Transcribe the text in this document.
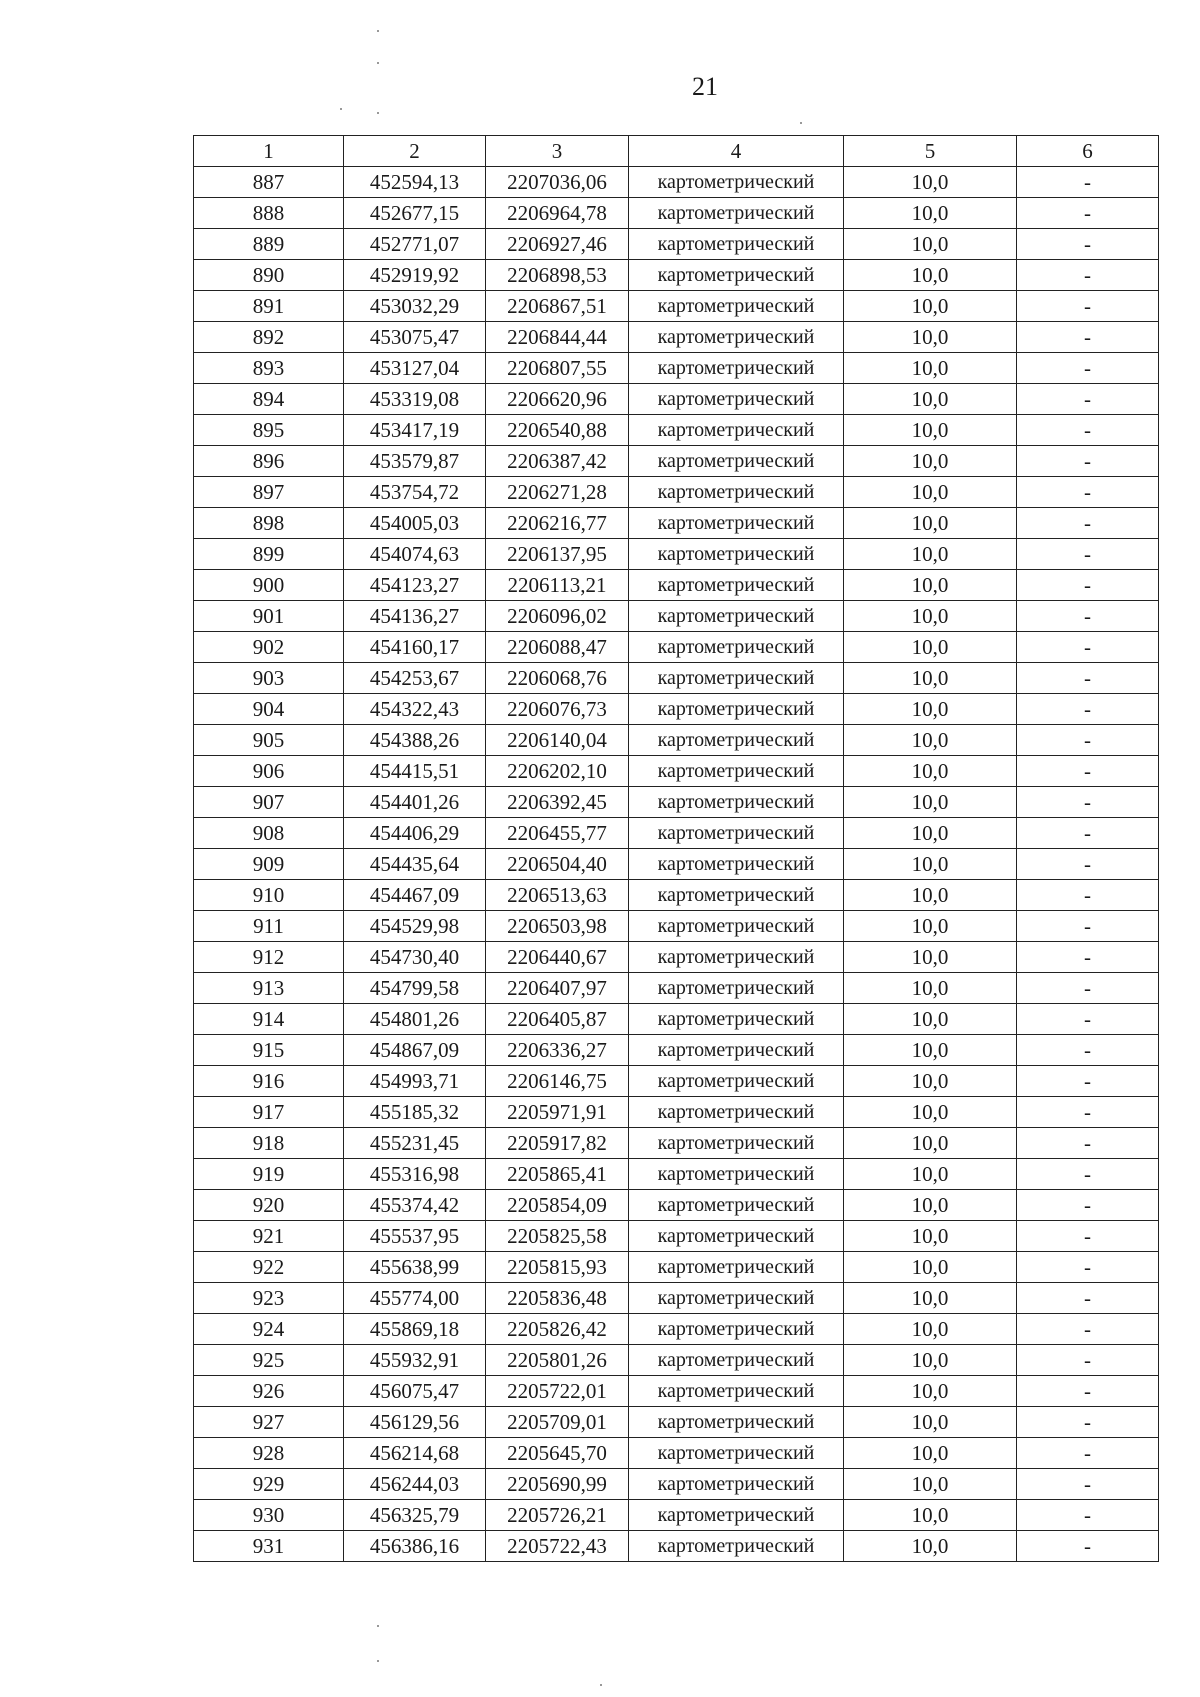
21
1	2	3	4	5	6
887	452594,13	2207036,06	картометрический	10,0	-
888	452677,15	2206964,78	картометрический	10,0	-
889	452771,07	2206927,46	картометрический	10,0	-
890	452919,92	2206898,53	картометрический	10,0	-
891	453032,29	2206867,51	картометрический	10,0	-
892	453075,47	2206844,44	картометрический	10,0	-
893	453127,04	2206807,55	картометрический	10,0	-
894	453319,08	2206620,96	картометрический	10,0	-
895	453417,19	2206540,88	картометрический	10,0	-
896	453579,87	2206387,42	картометрический	10,0	-
897	453754,72	2206271,28	картометрический	10,0	-
898	454005,03	2206216,77	картометрический	10,0	-
899	454074,63	2206137,95	картометрический	10,0	-
900	454123,27	2206113,21	картометрический	10,0	-
901	454136,27	2206096,02	картометрический	10,0	-
902	454160,17	2206088,47	картометрический	10,0	-
903	454253,67	2206068,76	картометрический	10,0	-
904	454322,43	2206076,73	картометрический	10,0	-
905	454388,26	2206140,04	картометрический	10,0	-
906	454415,51	2206202,10	картометрический	10,0	-
907	454401,26	2206392,45	картометрический	10,0	-
908	454406,29	2206455,77	картометрический	10,0	-
909	454435,64	2206504,40	картометрический	10,0	-
910	454467,09	2206513,63	картометрический	10,0	-
911	454529,98	2206503,98	картометрический	10,0	-
912	454730,40	2206440,67	картометрический	10,0	-
913	454799,58	2206407,97	картометрический	10,0	-
914	454801,26	2206405,87	картометрический	10,0	-
915	454867,09	2206336,27	картометрический	10,0	-
916	454993,71	2206146,75	картометрический	10,0	-
917	455185,32	2205971,91	картометрический	10,0	-
918	455231,45	2205917,82	картометрический	10,0	-
919	455316,98	2205865,41	картометрический	10,0	-
920	455374,42	2205854,09	картометрический	10,0	-
921	455537,95	2205825,58	картометрический	10,0	-
922	455638,99	2205815,93	картометрический	10,0	-
923	455774,00	2205836,48	картометрический	10,0	-
924	455869,18	2205826,42	картометрический	10,0	-
925	455932,91	2205801,26	картометрический	10,0	-
926	456075,47	2205722,01	картометрический	10,0	-
927	456129,56	2205709,01	картометрический	10,0	-
928	456214,68	2205645,70	картометрический	10,0	-
929	456244,03	2205690,99	картометрический	10,0	-
930	456325,79	2205726,21	картометрический	10,0	-
931	456386,16	2205722,43	картометрический	10,0	-
